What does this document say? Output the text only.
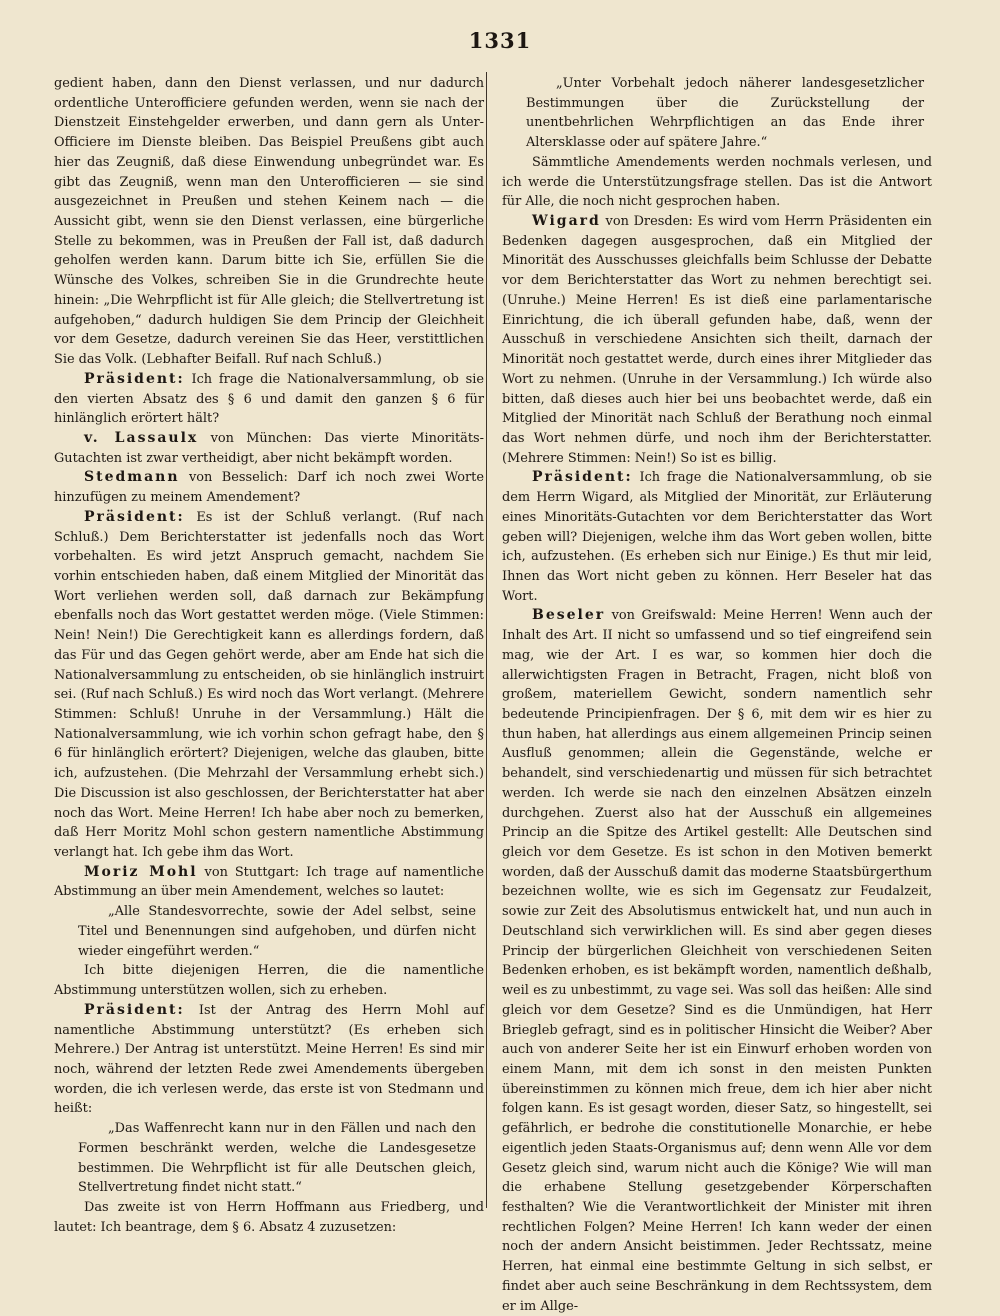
1331

gedient haben, dann den Dienst verlassen, und nur dadurch ordentliche Unterofficiere gefunden werden, wenn sie nach der Dienstzeit Einstehgelder erwerben, und dann gern als Unter-Officiere im Dienste bleiben. Das Beispiel Preußens gibt auch hier das Zeugniß, daß diese Einwendung unbegründet war. Es gibt das Zeugniß, wenn man den Unterofficieren — sie sind ausgezeichnet in Preußen und stehen Keinem nach — die Aussicht gibt, wenn sie den Dienst verlassen, eine bürgerliche Stelle zu bekommen, was in Preußen der Fall ist, daß dadurch geholfen werden kann. Darum bitte ich Sie, erfüllen Sie die Wünsche des Volkes, schreiben Sie in die Grundrechte heute hinein: „Die Wehrpflicht ist für Alle gleich; die Stellvertretung ist aufgehoben,“ dadurch huldigen Sie dem Princip der Gleichheit vor dem Gesetze, dadurch vereinen Sie das Heer, verstittlichen Sie das Volk. (Lebhafter Beifall. Ruf nach Schluß.)

Präsident: Ich frage die Nationalversammlung, ob sie den vierten Absatz des § 6 und damit den ganzen § 6 für hinlänglich erörtert hält?

v. Lassaulx von München: Das vierte Minoritäts-Gutachten ist zwar vertheidigt, aber nicht bekämpft worden.

Stedmann von Besselich: Darf ich noch zwei Worte hinzufügen zu meinem Amendement?

Präsident: Es ist der Schluß verlangt. (Ruf nach Schluß.) Dem Berichterstatter ist jedenfalls noch das Wort vorbehalten. Es wird jetzt Anspruch gemacht, nachdem Sie vorhin entschieden haben, daß einem Mitglied der Minorität das Wort verliehen werden soll, daß darnach zur Bekämpfung ebenfalls noch das Wort gestattet werden möge. (Viele Stimmen: Nein! Nein!) Die Gerechtigkeit kann es allerdings fordern, daß das Für und das Gegen gehört werde, aber am Ende hat sich die Nationalversammlung zu entscheiden, ob sie hinlänglich instruirt sei. (Ruf nach Schluß.) Es wird noch das Wort verlangt. (Mehrere Stimmen: Schluß! Unruhe in der Versammlung.) Hält die Nationalversammlung, wie ich vorhin schon gefragt habe, den § 6 für hinlänglich erörtert? Diejenigen, welche das glauben, bitte ich, aufzustehen. (Die Mehrzahl der Versammlung erhebt sich.) Die Discussion ist also geschlossen, der Berichterstatter hat aber noch das Wort. Meine Herren! Ich habe aber noch zu bemerken, daß Herr Moritz Mohl schon gestern namentliche Abstimmung verlangt hat. Ich gebe ihm das Wort.

Moriz Mohl von Stuttgart: Ich trage auf namentliche Abstimmung an über mein Amendement, welches so lautet:

„Alle Standesvorrechte, sowie der Adel selbst, seine Titel und Benennungen sind aufgehoben, und dürfen nicht wieder eingeführt werden.“

Ich bitte diejenigen Herren, die die namentliche Abstimmung unterstützen wollen, sich zu erheben.

Präsident: Ist der Antrag des Herrn Mohl auf namentliche Abstimmung unterstützt? (Es erheben sich Mehrere.) Der Antrag ist unterstützt. Meine Herren! Es sind mir noch, während der letzten Rede zwei Amendements übergeben worden, die ich verlesen werde, das erste ist von Stedmann und heißt:

„Das Waffenrecht kann nur in den Fällen und nach den Formen beschränkt werden, welche die Landesgesetze bestimmen. Die Wehrpflicht ist für alle Deutschen gleich, Stellvertretung findet nicht statt.“

Das zweite ist von Herrn Hoffmann aus Friedberg, und lautet: Ich beantrage, dem § 6. Absatz 4 zuzusetzen:

„Unter Vorbehalt jedoch näherer landesgesetzlicher Bestimmungen über die Zurückstellung der unentbehrlichen Wehrpflichtigen an das Ende ihrer Altersklasse oder auf spätere Jahre.“

Sämmtliche Amendements werden nochmals verlesen, und ich werde die Unterstützungsfrage stellen. Das ist die Antwort für Alle, die noch nicht gesprochen haben.

Wigard von Dresden: Es wird vom Herrn Präsidenten ein Bedenken dagegen ausgesprochen, daß ein Mitglied der Minorität des Ausschusses gleichfalls beim Schlusse der Debatte vor dem Berichterstatter das Wort zu nehmen berechtigt sei. (Unruhe.) Meine Herren! Es ist dieß eine parlamentarische Einrichtung, die ich überall gefunden habe, daß, wenn der Ausschuß in verschiedene Ansichten sich theilt, darnach der Minorität noch gestattet werde, durch eines ihrer Mitglieder das Wort zu nehmen. (Unruhe in der Versammlung.) Ich würde also bitten, daß dieses auch hier bei uns beobachtet werde, daß ein Mitglied der Minorität nach Schluß der Berathung noch einmal das Wort nehmen dürfe, und noch ihm der Berichterstatter. (Mehrere Stimmen: Nein!) So ist es billig.

Präsident: Ich frage die Nationalversammlung, ob sie dem Herrn Wigard, als Mitglied der Minorität, zur Erläuterung eines Minoritäts-Gutachten vor dem Berichterstatter das Wort geben will? Diejenigen, welche ihm das Wort geben wollen, bitte ich, aufzustehen. (Es erheben sich nur Einige.) Es thut mir leid, Ihnen das Wort nicht geben zu können. Herr Beseler hat das Wort.

Beseler von Greifswald: Meine Herren! Wenn auch der Inhalt des Art. II nicht so umfassend und so tief eingreifend sein mag, wie der Art. I es war, so kommen hier doch die allerwichtigsten Fragen in Betracht, Fragen, nicht bloß von großem, materiellem Gewicht, sondern namentlich sehr bedeutende Principienfragen. Der § 6, mit dem wir es hier zu thun haben, hat allerdings aus einem allgemeinen Princip seinen Ausfluß genommen; allein die Gegenstände, welche er behandelt, sind verschiedenartig und müssen für sich betrachtet werden. Ich werde sie nach den einzelnen Absätzen einzeln durchgehen. Zuerst also hat der Ausschuß ein allgemeines Princip an die Spitze des Artikel gestellt: Alle Deutschen sind gleich vor dem Gesetze. Es ist schon in den Motiven bemerkt worden, daß der Ausschuß damit das moderne Staatsbürgerthum bezeichnen wollte, wie es sich im Gegensatz zur Feudalzeit, sowie zur Zeit des Absolutismus entwickelt hat, und nun auch in Deutschland sich verwirklichen will. Es sind aber gegen dieses Princip der bürgerlichen Gleichheit von verschiedenen Seiten Bedenken erhoben, es ist bekämpft worden, namentlich deßhalb, weil es zu unbestimmt, zu vage sei. Was soll das heißen: Alle sind gleich vor dem Gesetze? Sind es die Unmündigen, hat Herr Briegleb gefragt, sind es in politischer Hinsicht die Weiber? Aber auch von anderer Seite her ist ein Einwurf erhoben worden von einem Mann, mit dem ich sonst in den meisten Punkten übereinstimmen zu können mich freue, dem ich hier aber nicht folgen kann. Es ist gesagt worden, dieser Satz, so hingestellt, sei gefährlich, er bedrohe die constitutionelle Monarchie, er hebe eigentlich jeden Staats-Organismus auf; denn wenn Alle vor dem Gesetz gleich sind, warum nicht auch die Könige? Wie will man die erhabene Stellung gesetzgebender Körperschaften festhalten? Wie die Verantwortlichkeit der Minister mit ihren rechtlichen Folgen? Meine Herren! Ich kann weder der einen noch der andern Ansicht beistimmen. Jeder Rechtssatz, meine Herren, hat einmal eine bestimmte Geltung in sich selbst, er findet aber auch seine Beschränkung in dem Rechtssystem, dem er im Allge-
